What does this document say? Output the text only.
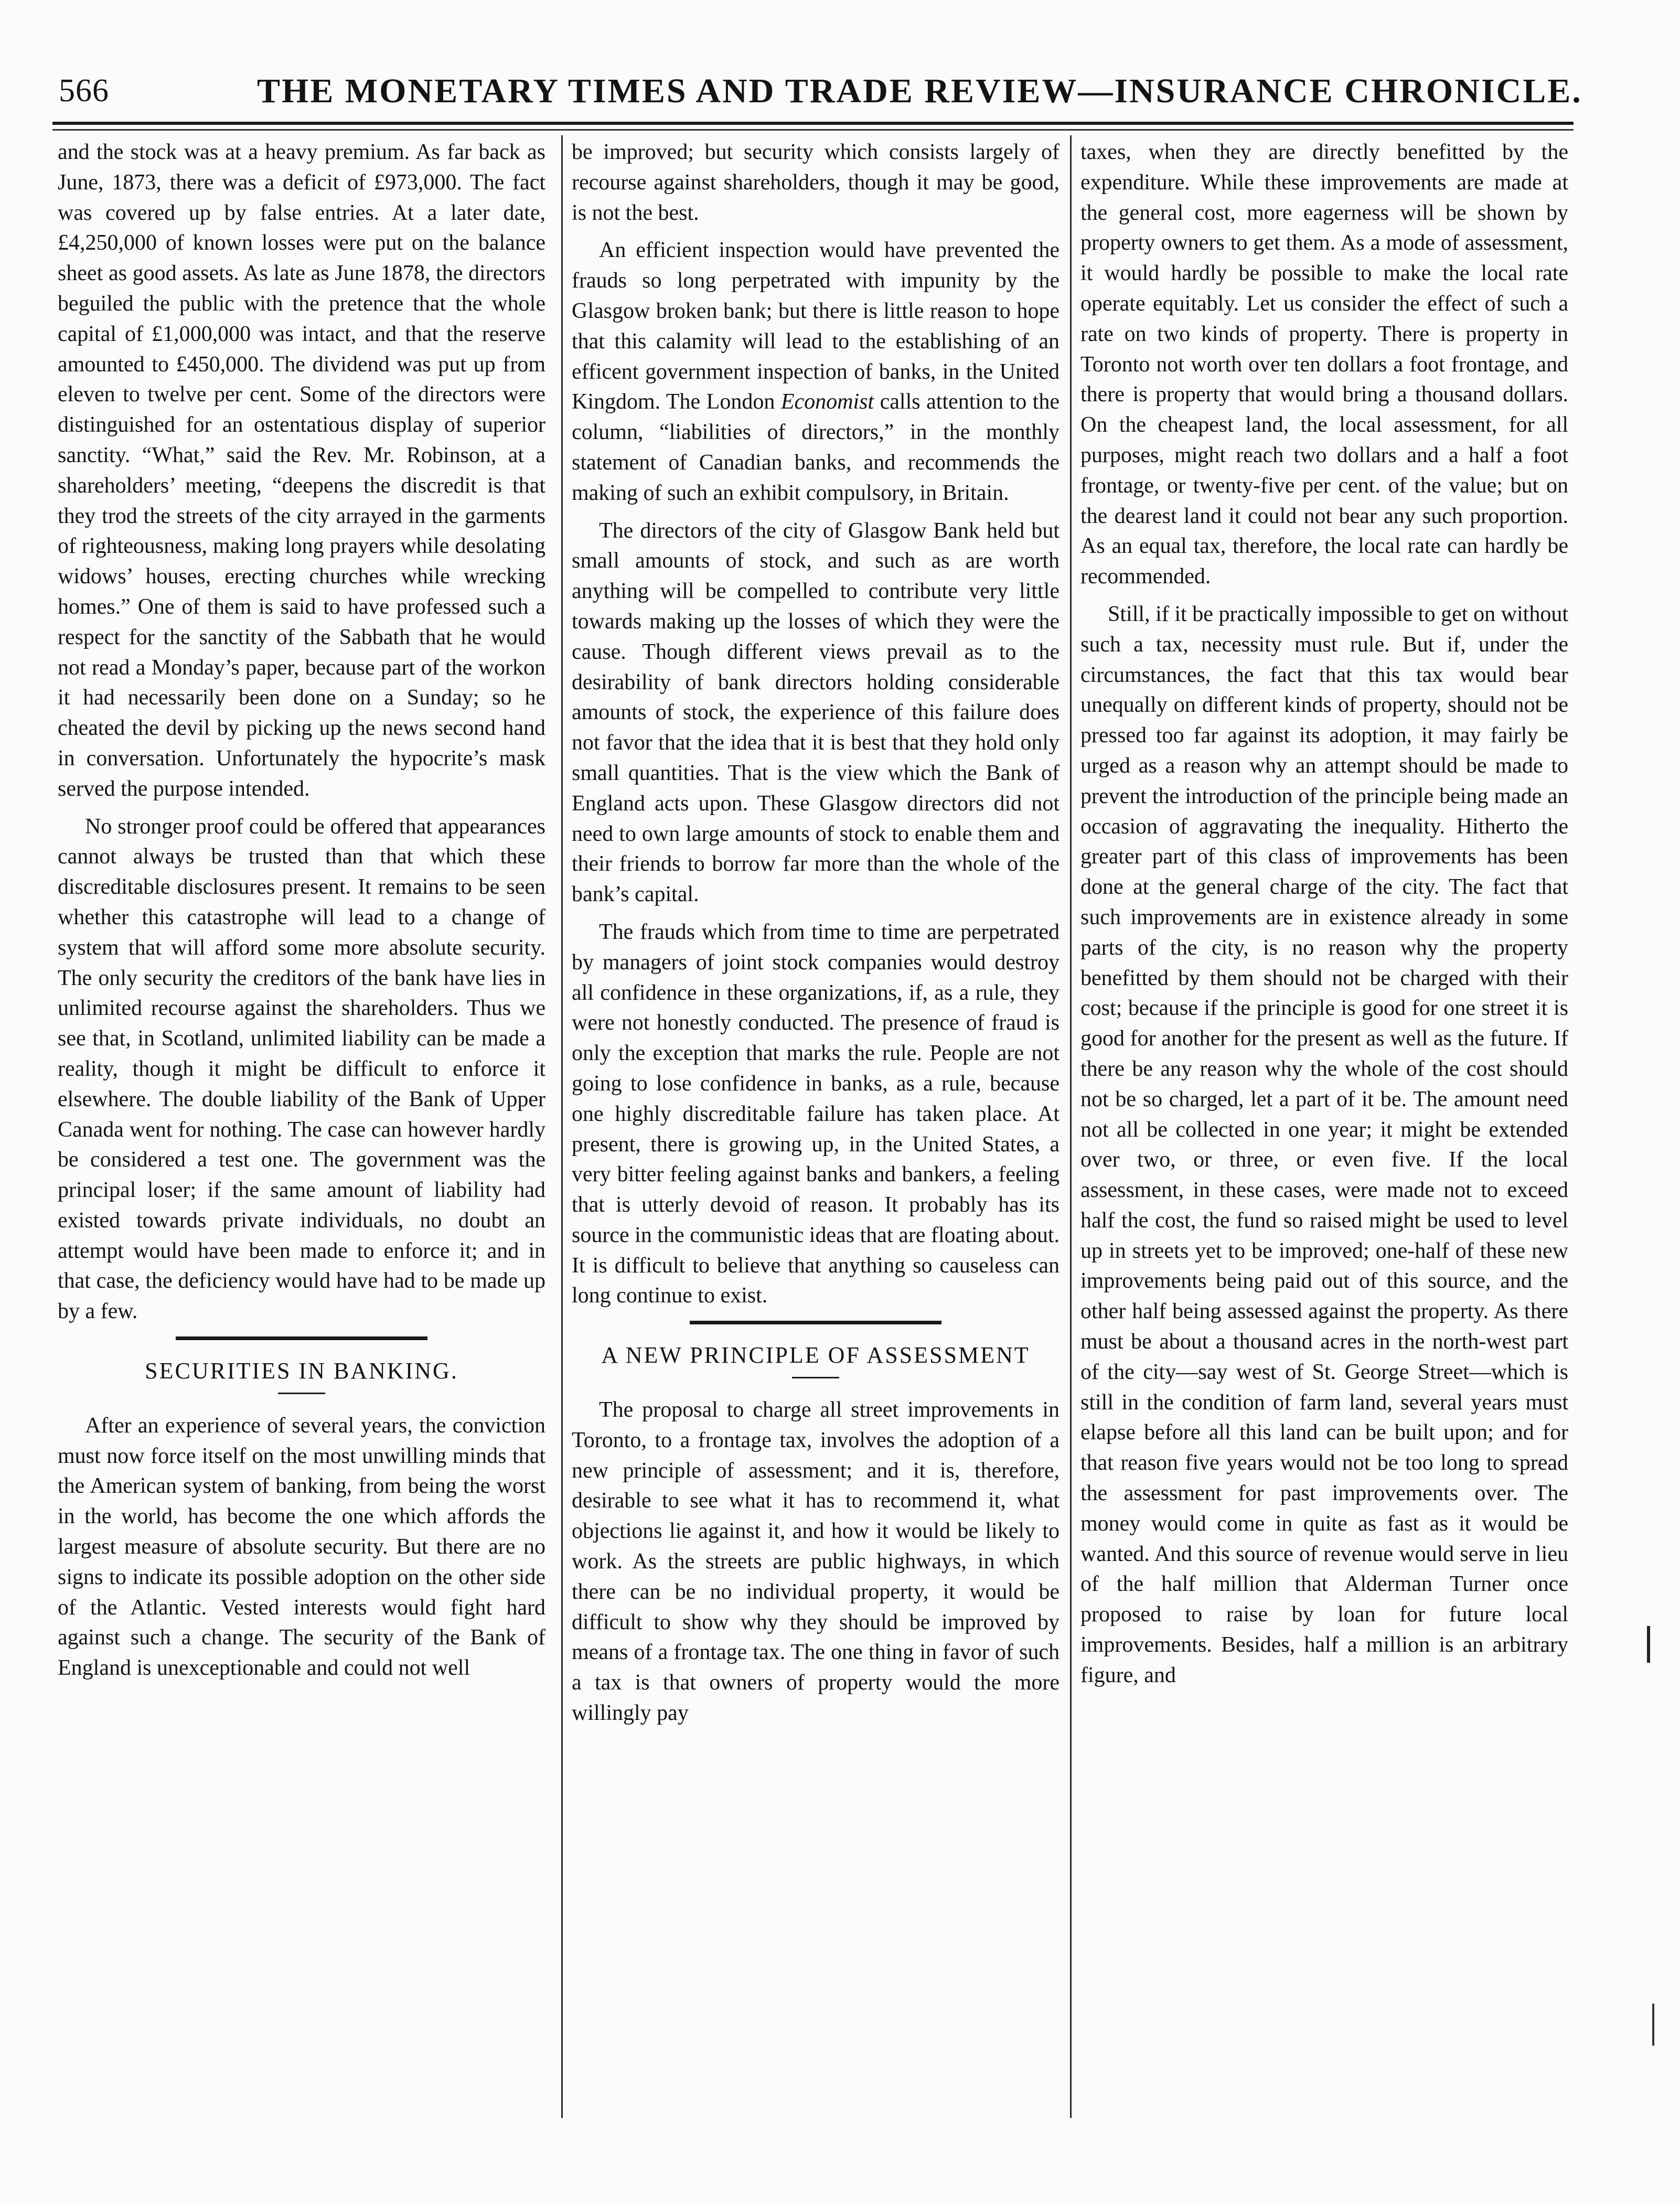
566	THE MONETARY TIMES AND TRADE REVIEW—INSURANCE CHRONICLE.

and the stock was at a heavy premium. As far back as June, 1873, there was a deficit of £973,000. The fact was covered up by false entries. At a later date, £4,250,000 of known losses were put on the balance sheet as good assets. As late as June 1878, the directors beguiled the public with the pretence that the whole capital of £1,000,000 was intact, and that the reserve amounted to £450,000. The dividend was put up from eleven to twelve per cent. Some of the directors were distinguished for an ostentatious display of superior sanctity. “What,” said the Rev. Mr. Robinson, at a shareholders’ meeting, “deepens the discredit is that they trod the streets of the city arrayed in the garments of righteousness, making long prayers while desolating widows’ houses, erecting churches while wrecking homes.” One of them is said to have professed such a respect for the sanctity of the Sabbath that he would not read a Monday’s paper, because part of the workon it had necessarily been done on a Sunday; so he cheated the devil by picking up the news second hand in conversation. Unfortunately the hypocrite’s mask served the purpose intended.

No stronger proof could be offered that appearances cannot always be trusted than that which these discreditable disclosures present. It remains to be seen whether this catastrophe will lead to a change of system that will afford some more absolute security. The only security the creditors of the bank have lies in unlimited recourse against the shareholders. Thus we see that, in Scotland, unlimited liability can be made a reality, though it might be difficult to enforce it elsewhere. The double liability of the Bank of Upper Canada went for nothing. The case can however hardly be considered a test one. The government was the principal loser; if the same amount of liability had existed towards private individuals, no doubt an attempt would have been made to enforce it; and in that case, the deficiency would have had to be made up by a few.

SECURITIES IN BANKING.

After an experience of several years, the conviction must now force itself on the most unwilling minds that the American system of banking, from being the worst in the world, has become the one which affords the largest measure of absolute security. But there are no signs to indicate its possible adoption on the other side of the Atlantic. Vested interests would fight hard against such a change. The security of the Bank of England is unexceptionable and could not well

be improved; but security which consists largely of recourse against shareholders, though it may be good, is not the best.

An efficient inspection would have prevented the frauds so long perpetrated with impunity by the Glasgow broken bank; but there is little reason to hope that this calamity will lead to the establishing of an efficent government inspection of banks, in the United Kingdom. The London Economist calls attention to the column, “liabilities of directors,” in the monthly statement of Canadian banks, and recommends the making of such an exhibit compulsory, in Britain.

The directors of the city of Glasgow Bank held but small amounts of stock, and such as are worth anything will be compelled to contribute very little towards making up the losses of which they were the cause. Though different views prevail as to the desirability of bank directors holding considerable amounts of stock, the experience of this failure does not favor that the idea that it is best that they hold only small quantities. That is the view which the Bank of England acts upon. These Glasgow directors did not need to own large amounts of stock to enable them and their friends to borrow far more than the whole of the bank’s capital.

The frauds which from time to time are perpetrated by managers of joint stock companies would destroy all confidence in these organizations, if, as a rule, they were not honestly conducted. The presence of fraud is only the exception that marks the rule. People are not going to lose confidence in banks, as a rule, because one highly discreditable failure has taken place. At present, there is growing up, in the United States, a very bitter feeling against banks and bankers, a feeling that is utterly devoid of reason. It probably has its source in the communistic ideas that are floating about. It is difficult to believe that anything so causeless can long continue to exist.

A NEW PRINCIPLE OF ASSESSMENT

The proposal to charge all street improvements in Toronto, to a frontage tax, involves the adoption of a new principle of assessment; and it is, therefore, desirable to see what it has to recommend it, what objections lie against it, and how it would be likely to work. As the streets are public highways, in which there can be no individual property, it would be difficult to show why they should be improved by means of a frontage tax. The one thing in favor of such a tax is that owners of property would the more willingly pay

taxes, when they are directly benefitted by the expenditure. While these improvements are made at the general cost, more eagerness will be shown by property owners to get them. As a mode of assessment, it would hardly be possible to make the local rate operate equitably. Let us consider the effect of such a rate on two kinds of property. There is property in Toronto not worth over ten dollars a foot frontage, and there is property that would bring a thousand dollars. On the cheapest land, the local assessment, for all purposes, might reach two dollars and a half a foot frontage, or twenty-five per cent. of the value; but on the dearest land it could not bear any such proportion. As an equal tax, therefore, the local rate can hardly be recommended.

Still, if it be practically impossible to get on without such a tax, necessity must rule. But if, under the circumstances, the fact that this tax would bear unequally on different kinds of property, should not be pressed too far against its adoption, it may fairly be urged as a reason why an attempt should be made to prevent the introduction of the principle being made an occasion of aggravating the inequality. Hitherto the greater part of this class of improvements has been done at the general charge of the city. The fact that such improvements are in existence already in some parts of the city, is no reason why the property benefitted by them should not be charged with their cost; because if the principle is good for one street it is good for another for the present as well as the future. If there be any reason why the whole of the cost should not be so charged, let a part of it be. The amount need not all be collected in one year; it might be extended over two, or three, or even five. If the local assessment, in these cases, were made not to exceed half the cost, the fund so raised might be used to level up in streets yet to be improved; one-half of these new improvements being paid out of this source, and the other half being assessed against the property. As there must be about a thousand acres in the north-west part of the city—say west of St. George Street—which is still in the condition of farm land, several years must elapse before all this land can be built upon; and for that reason five years would not be too long to spread the assessment for past improvements over. The money would come in quite as fast as it would be wanted. And this source of revenue would serve in lieu of the half million that Alderman Turner once proposed to raise by loan for future local improvements. Besides, half a million is an arbitrary figure, and
